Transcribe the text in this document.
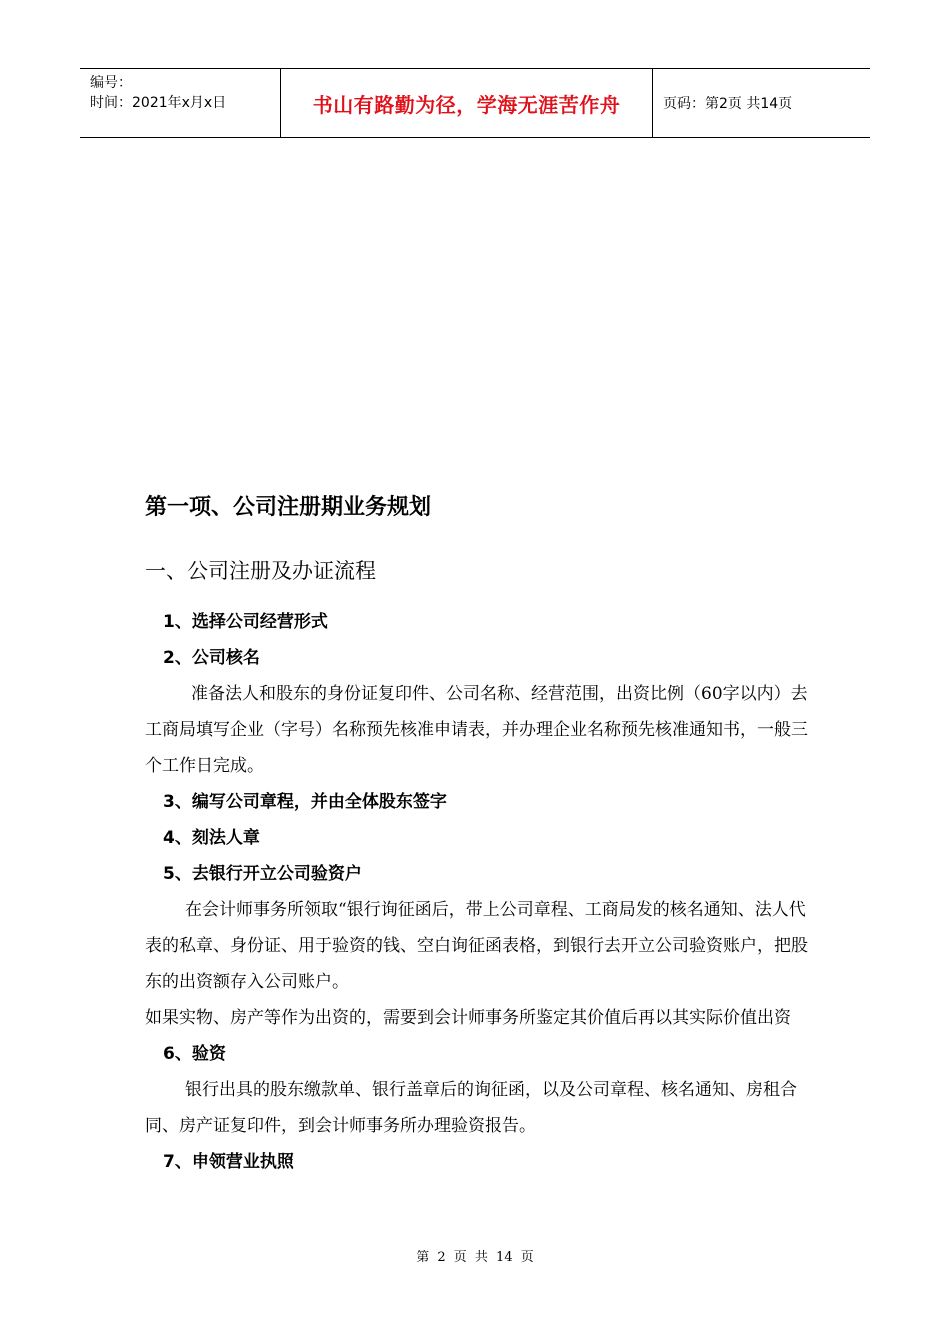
编号：
时间：2021年x月x日	书山有路勤为径，学海无涯苦作舟	页码：第2页 共14页
第一项、公司注册期业务规划
一、公司注册及办证流程
1、选择公司经营形式
2、公司核名

准备法人和股东的身份证复印件、公司名称、经营范围，出资比例（60字以内）去工商局填写企业（字号）名称预先核准申请表，并办理企业名称预先核准通知书，一般三个工作日完成。

3、编写公司章程，并由全体股东签字
4、刻法人章
5、去银行开立公司验资户

在会计师事务所领取“银行询征函后，带上公司章程、工商局发的核名通知、法人代表的私章、身份证、用于验资的钱、空白询征函表格，到银行去开立公司验资账户，把股东的出资额存入公司账户。

如果实物、房产等作为出资的，需要到会计师事务所鉴定其价值后再以其实际价值出资

6、验资

银行出具的股东缴款单、银行盖章后的询征函，以及公司章程、核名通知、房租合同、房产证复印件，到会计师事务所办理验资报告。

7、申领营业执照
第 2 页 共 14 页
